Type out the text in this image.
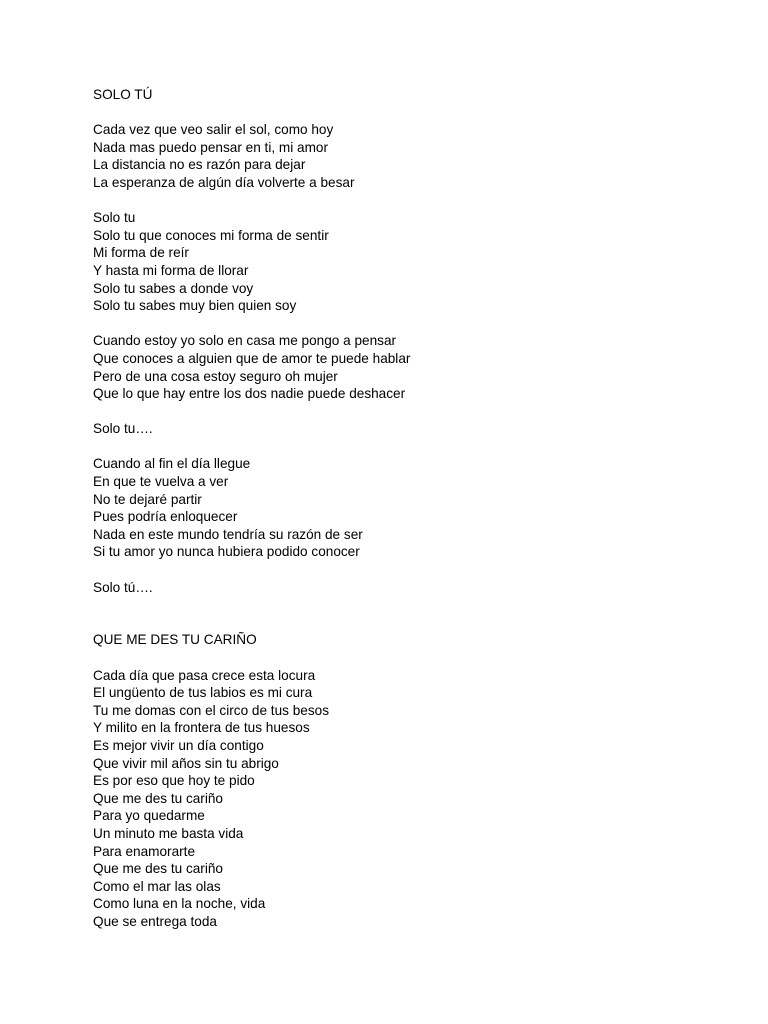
SOLO TÚ
Cada vez que veo salir el sol, como hoy
Nada mas puedo pensar en ti, mi amor
La distancia no es razón para dejar
La esperanza de algún día volverte a besar
Solo tu
Solo tu que conoces mi forma de sentir
Mi forma de reír
Y hasta mi forma de llorar
Solo tu sabes a donde voy
Solo tu sabes muy bien quien soy
Cuando estoy yo solo en casa me pongo a pensar
Que conoces a alguien que de amor te puede hablar
Pero de una cosa estoy seguro oh mujer
Que lo que hay entre los dos nadie puede deshacer
Solo tu….
Cuando al fin el día llegue
En que te vuelva a ver
No te dejaré partir
Pues podría enloquecer
Nada en este mundo tendría su razón de ser
Si tu amor yo nunca hubiera podido conocer
Solo tú….
QUE ME DES TU CARIÑO
Cada día que pasa crece esta locura
El ungüento de tus labios es mi cura
Tu me domas con el circo de tus besos
Y milito en la frontera de tus huesos
Es mejor vivir un día contigo
Que vivir mil años sin tu abrigo
Es por eso que hoy te pido
Que me des tu cariño
Para yo quedarme
Un minuto me basta vida
Para enamorarte
Que me des tu cariño
Como el mar las olas
Como luna en la noche, vida
Que se entrega toda
